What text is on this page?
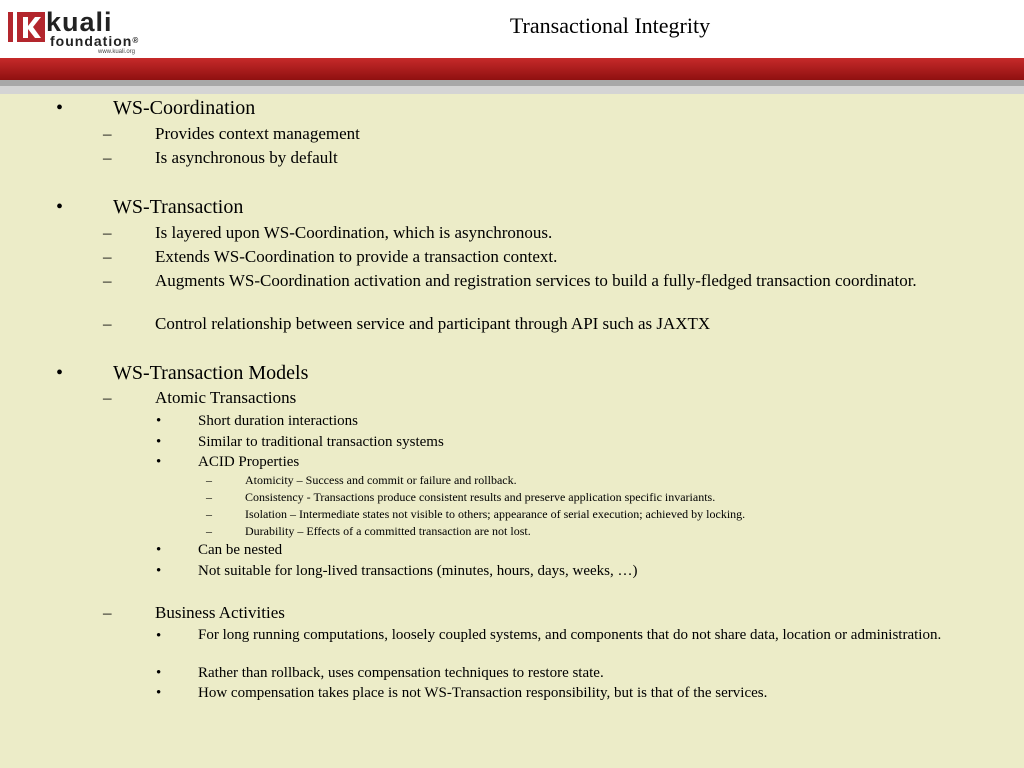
kuali
foundation®
www.kuali.org
Transactional Integrity
• WS-Coordination
–	Provides context management
–	Is asynchronous by default
• WS-Transaction
–	Is layered upon WS-Coordination, which is asynchronous.
–	Extends WS-Coordination to provide a transaction context.
–	Augments WS-Coordination activation and registration services to build a fully-fledged transaction coordinator.
–	Control relationship between service and participant through API such as JAXTX
• WS-Transaction Models
–	Atomic Transactions
• Short duration interactions
• Similar to traditional transaction systems
• ACID Properties
–	Atomicity – Success and commit or failure and rollback.
–	Consistency - Transactions produce consistent results and preserve application specific invariants.
–	Isolation – Intermediate states not visible to others; appearance of serial execution; achieved by locking.
–	Durability – Effects of a committed transaction are not lost.
• Can be nested
• Not suitable for long-lived transactions (minutes, hours, days, weeks, …)
–	Business Activities
• For long running computations, loosely coupled systems, and components that do not share data, location or administration.
• Rather than rollback, uses compensation techniques to restore state.
• How compensation takes place is not WS-Transaction responsibility, but is that of the services.
